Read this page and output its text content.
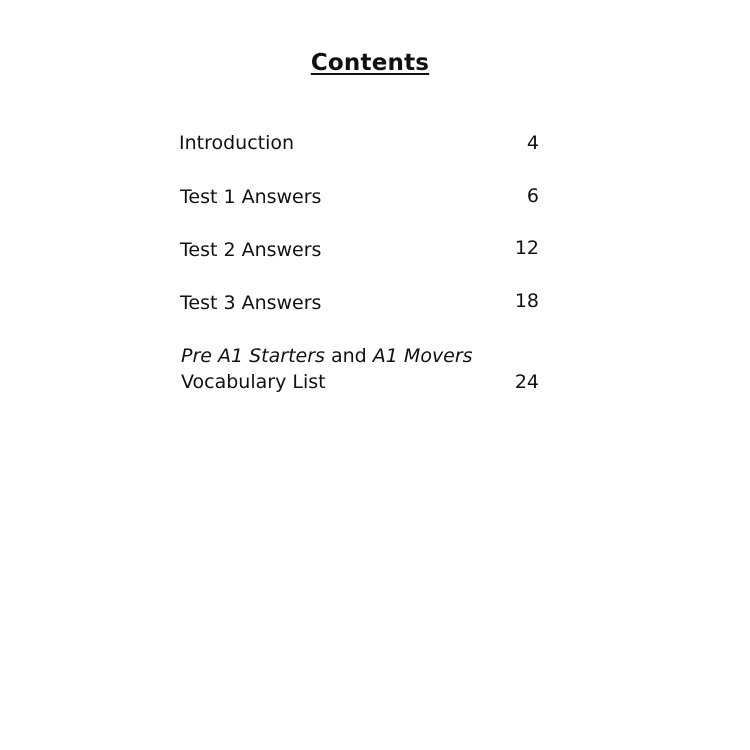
Contents
Introduction	4
Test 1 Answers	6
Test 2 Answers	12
Test 3 Answers	18
Pre A1 Starters and A1 Movers
Vocabulary List	24
